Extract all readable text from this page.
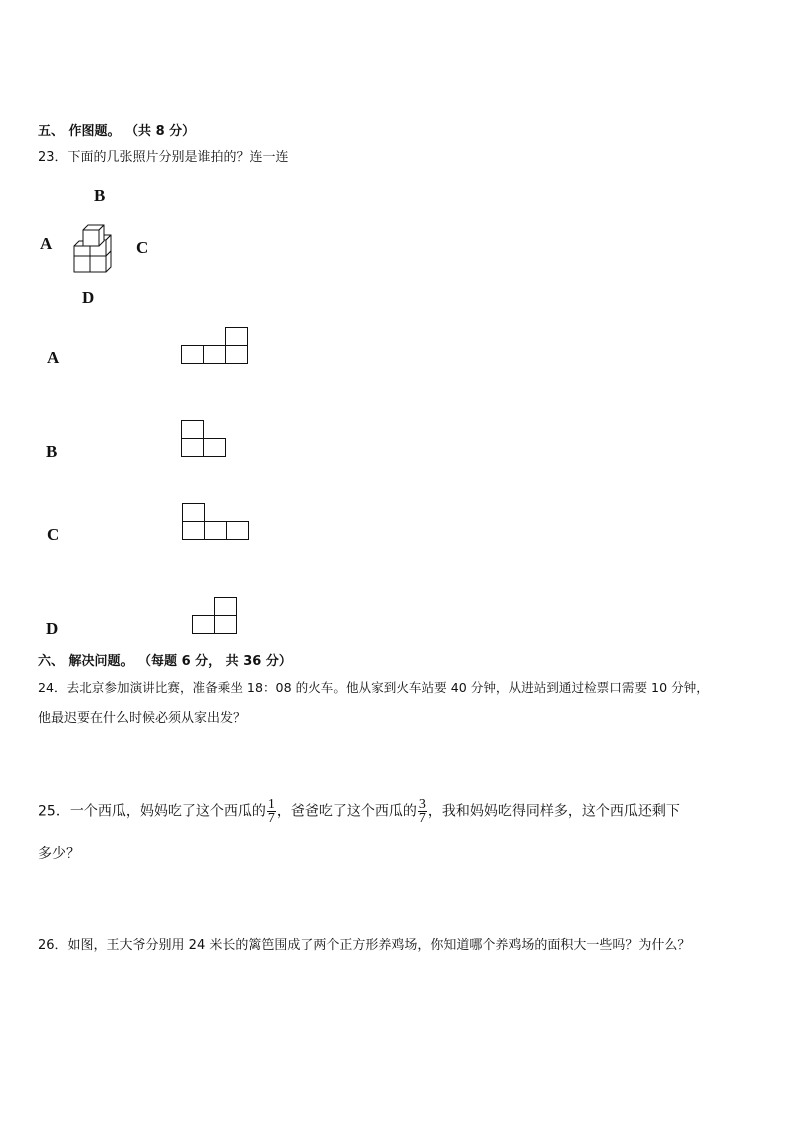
五、 作图题。 （共 8 分）
23．下面的几张照片分别是谁拍的？连一连
B
A	C
D
A
B
C
D
六、 解决问题。 （每题 6 分， 共 36 分）
24．去北京参加演讲比赛，准备乘坐 18：08 的火车。他从家到火车站要 40 分钟，从进站到通过检票口需要 10 分钟，
他最迟要在什么时候必须从家出发？
25．一个西瓜，妈妈吃了这个西瓜的 $\frac{1}{7}$ ，爸爸吃了这个西瓜的 $\frac{3}{7}$ ，我和妈妈吃得同样多，这个西瓜还剩下
多少？
26．如图，王大爷分别用 24 米长的篱笆围成了两个正方形养鸡场，你知道哪个养鸡场的面积大一些吗？为什么？
